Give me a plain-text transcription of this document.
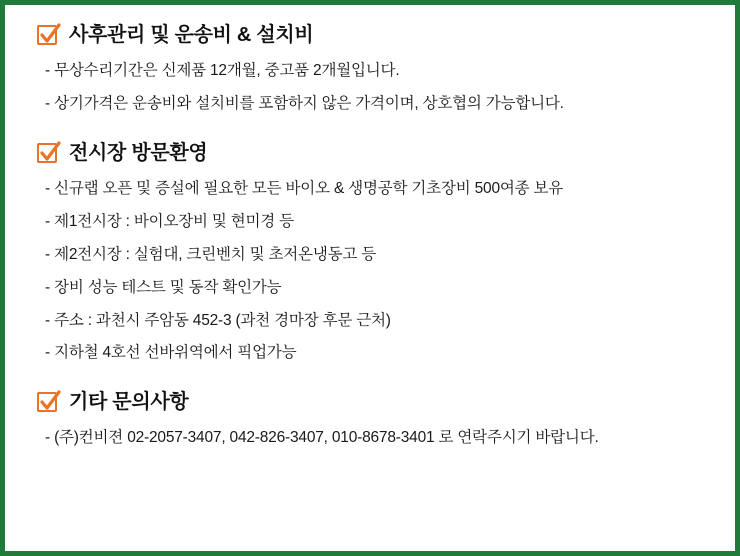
사후관리 및 운송비 & 설치비
- 무상수리기간은 신제품 12개월, 중고품 2개월입니다.
- 상기가격은 운송비와 설치비를 포함하지 않은 가격이며, 상호협의 가능합니다.
전시장 방문환영
- 신규랩 오픈 및 증설에 필요한 모든 바이오 & 생명공학 기초장비 500여종 보유
- 제1전시장 : 바이오장비 및 현미경 등
- 제2전시장 : 실험대, 크린벤치 및 초저온냉동고 등
- 장비 성능 테스트 및 동작 확인가능
- 주소 : 과천시 주암동 452-3 (과천 경마장 후문 근처)
- 지하철 4호선 선바위역에서 픽업가능
기타 문의사항
- (주)컨비젼 02-2057-3407, 042-826-3407, 010-8678-3401 로 연락주시기 바랍니다.
